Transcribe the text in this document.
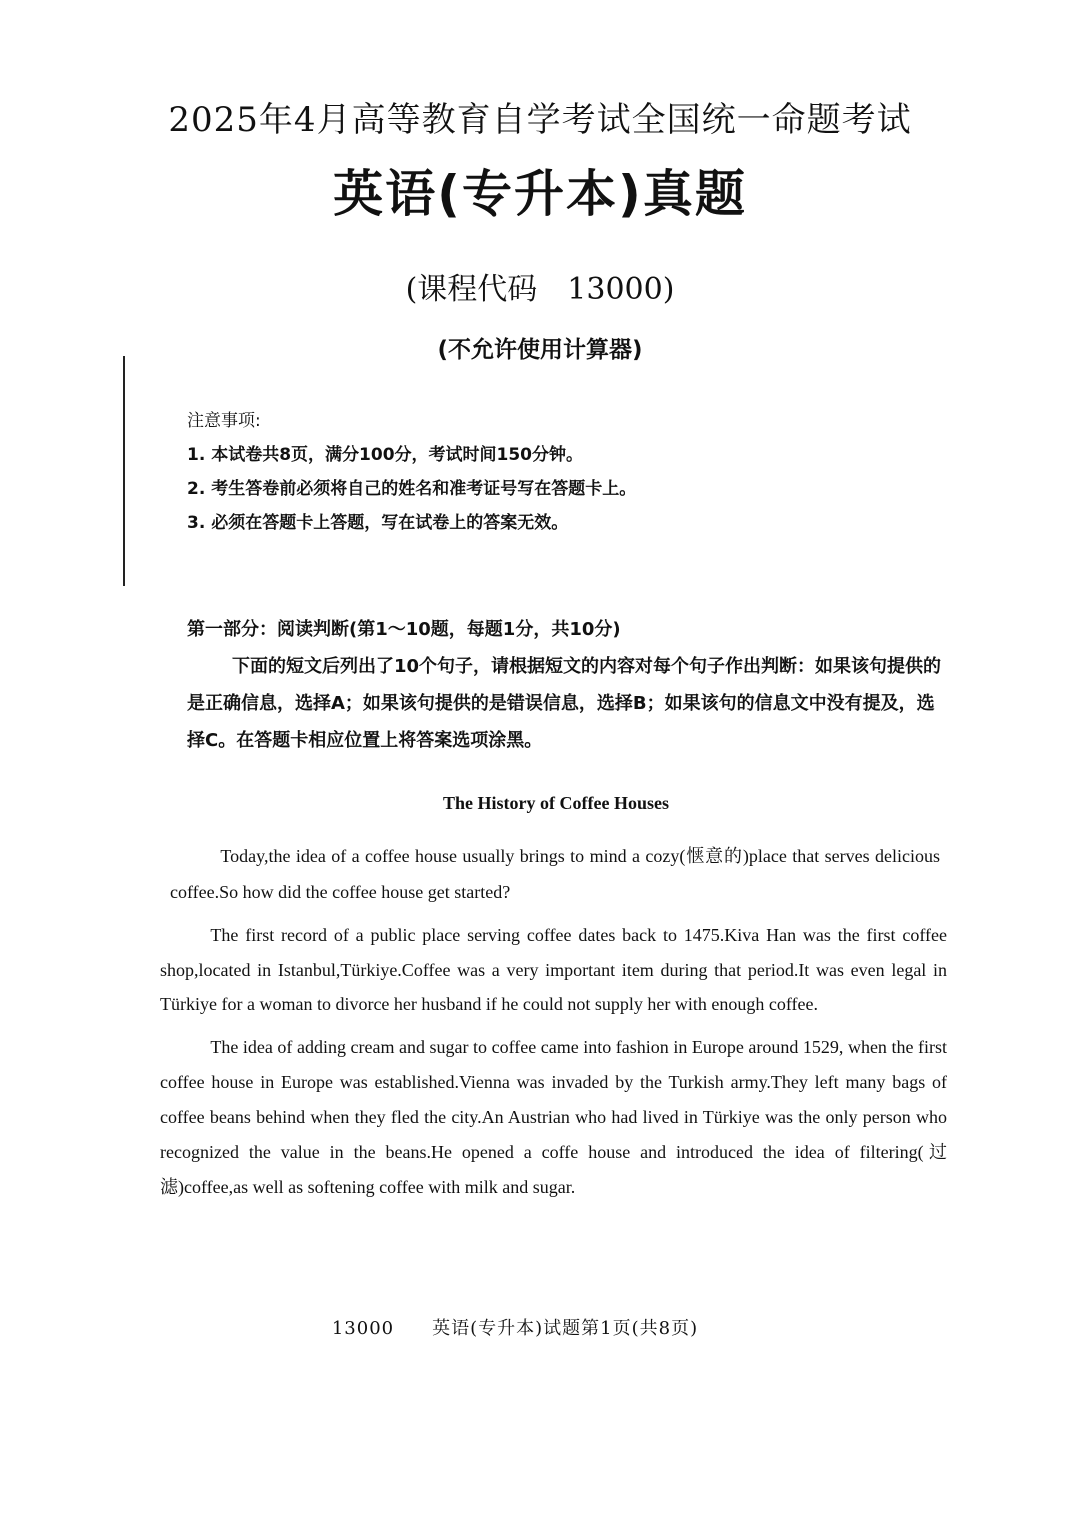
2025年4月高等教育自学考试全国统一命题考试
英语(专升本)真题
(课程代码　13000)
(不允许使用计算器)
注意事项:
1. 本试卷共8页，满分100分，考试时间150分钟。
2. 考生答卷前必须将自己的姓名和准考证号写在答题卡上。
3. 必须在答题卡上答题，写在试卷上的答案无效。
第一部分：阅读判断(第1～10题，每题1分，共10分)
下面的短文后列出了10个句子，请根据短文的内容对每个句子作出判断：如果该句提供的是正确信息，选择A；如果该句提供的是错误信息，选择B；如果该句的信息文中没有提及，选择C。在答题卡相应位置上将答案选项涂黑。
The History of Coffee Houses

Today,the idea of a coffee house usually brings to mind a cozy(惬意的)place that serves delicious coffee.So how did the coffee house get started?

The first record of a public place serving coffee dates back to 1475.Kiva Han was the first coffee shop,located in Istanbul,Türkiye.Coffee was a very important item during that period.It was even legal in Türkiye for a woman to divorce her husband if he could not supply her with enough coffee.

The idea of adding cream and sugar to coffee came into fashion in Europe around 1529, when the first coffee house in Europe was established.Vienna was invaded by the Turkish army.They left many bags of coffee beans behind when they fled the city.An Austrian who had lived in Türkiye was the only person who recognized the value in the beans.He opened a coffe house and introduced the idea of filtering(过滤)coffee,as well as softening coffee with milk and sugar.

13000 英语(专升本)试题第1页(共8页)
